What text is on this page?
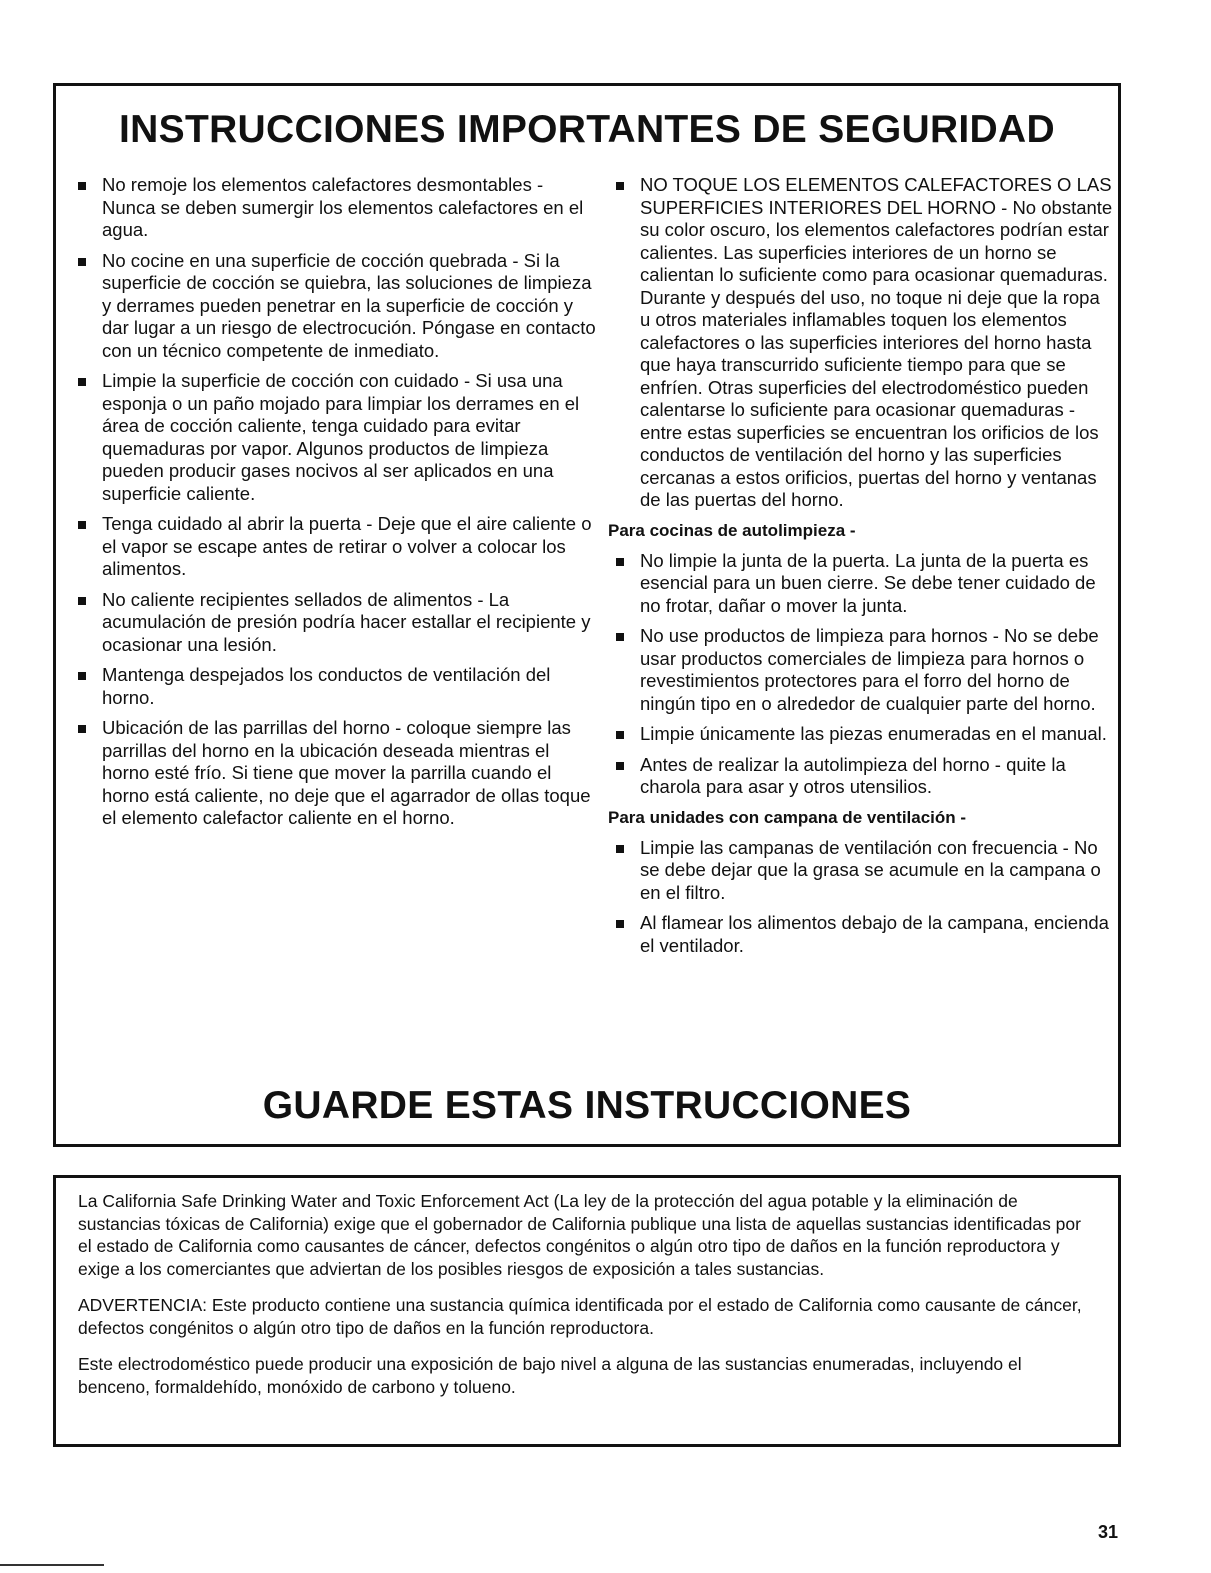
INSTRUCCIONES IMPORTANTES DE SEGURIDAD
No remoje los elementos calefactores desmontables - Nunca se deben sumergir los elementos calefactores en el agua.
No cocine en una superficie de cocción quebrada - Si la superficie de cocción se quiebra, las soluciones de limpieza y derrames pueden penetrar en la superficie de cocción y dar lugar a un riesgo de electrocución. Póngase en contacto con un técnico competente de inmediato.
Limpie la superficie de cocción con cuidado - Si usa una esponja o un paño mojado para limpiar los derrames en el área de cocción caliente, tenga cuidado para evitar quemaduras por vapor. Algunos productos de limpieza pueden producir gases nocivos al ser aplicados en una superficie caliente.
Tenga cuidado al abrir la puerta - Deje que el aire caliente o el vapor se escape antes de retirar o volver a colocar los alimentos.
No caliente recipientes sellados de alimentos - La acumulación de presión podría hacer estallar el recipiente y ocasionar una lesión.
Mantenga despejados los conductos de ventilación del horno.
Ubicación de las parrillas del horno - coloque siempre las parrillas del horno en la ubicación deseada mientras el horno esté frío. Si tiene que mover la parrilla cuando el horno está caliente, no deje que el agarrador de ollas toque el elemento calefactor caliente en el horno.
NO TOQUE LOS ELEMENTOS CALEFACTORES O LAS SUPERFICIES INTERIORES DEL HORNO - No obstante su color oscuro, los elementos calefactores podrían estar calientes. Las superficies interiores de un horno se calientan lo suficiente como para ocasionar quemaduras. Durante y después del uso, no toque ni deje que la ropa u otros materiales inflamables toquen los elementos calefactores o las superficies interiores del horno hasta que haya transcurrido suficiente tiempo para que se enfríen. Otras superficies del electrodoméstico pueden calentarse lo suficiente para ocasionar quemaduras - entre estas superficies se encuentran los orificios de los conductos de ventilación del horno y las superficies cercanas a estos orificios, puertas del horno y ventanas de las puertas del horno.
Para cocinas de autolimpieza -
No limpie la junta de la puerta. La junta de la puerta es esencial para un buen cierre. Se debe tener cuidado de no frotar, dañar o mover la junta.
No use productos de limpieza para hornos - No se debe usar productos comerciales de limpieza para hornos o revestimientos protectores para el forro del horno de ningún tipo en o alrededor de cualquier parte del horno.
Limpie únicamente las piezas enumeradas en el manual.
Antes de realizar la autolimpieza del horno - quite la charola para asar y otros utensilios.
Para unidades con campana de ventilación -
Limpie las campanas de ventilación con frecuencia - No se debe dejar que la grasa se acumule en la campana o en el filtro.
Al flamear los alimentos debajo de la campana, encienda el ventilador.
GUARDE ESTAS INSTRUCCIONES

La California Safe Drinking Water and Toxic Enforcement Act (La ley de la protección del agua potable y la eliminación de sustancias tóxicas de California) exige que el gobernador de California publique una lista de aquellas sustancias identificadas por el estado de California como causantes de cáncer, defectos congénitos o algún otro tipo de daños en la función reproductora y exige a los comerciantes que adviertan de los posibles riesgos de exposición a tales sustancias.

ADVERTENCIA: Este producto contiene una sustancia química identificada por el estado de California como causante de cáncer, defectos congénitos o algún otro tipo de daños en la función reproductora.

Este electrodoméstico puede producir una exposición de bajo nivel a alguna de las sustancias enumeradas, incluyendo el benceno, formaldehído, monóxido de carbono y tolueno.

31
